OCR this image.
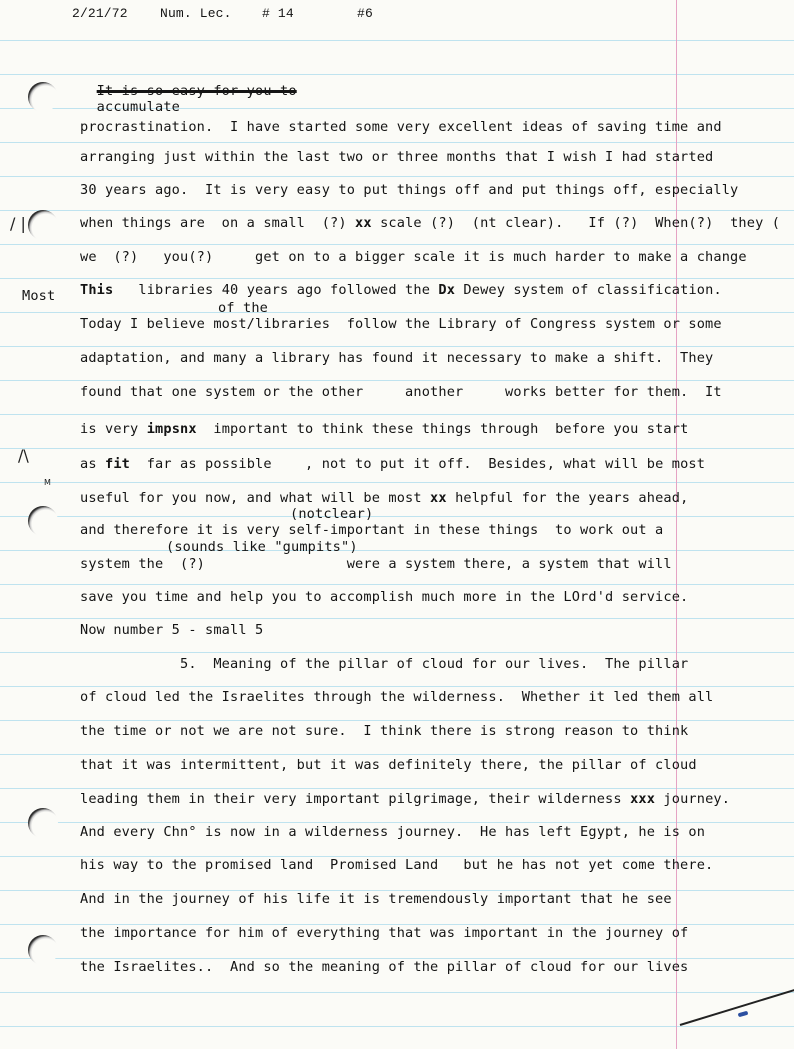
2/21/72 Num. Lec. # 14	#6

It is so easy for you to
accumulate

Most
/ |
/\
M
procrastination.  I have started some very excellent ideas of saving time and
arranging just within the last two or three months that I wish I had started
30 years ago.  It is very easy to put things off and put things off, especially
when things are  on a small  (?) xx scale (?)  (nt clear).   If (?)  When(?)  they (
we  (?)   you(?)     get on to a bigger scale it is much harder to make a change
This libraries 40 years ago followed the Dx Dewey system of classification.
of the
Today I believe most/libraries  follow the Library of Congress system or some
adaptation, and many a library has found it necessary to make a shift.  They
found that one system or the other     another     works better for them.  It
is very impsnx important to think these things through  before you start
as fit far as possible    , not to put it off.  Besides, what will be most
useful for you now, and what will be most xx helpful for the years ahead,
(notclear)
and therefore it is very self-important in these things  to work out a
(sounds like "gumpits")
system the  (?)                 were a system there, a system that will
save you time and help you to accomplish much more in the LOrd'd service.
Now number 5 - small 5
5.  Meaning of the pillar of cloud for our lives.  The pillar
of cloud led the Israelites through the wilderness.  Whether it led them all
the time or not we are not sure.  I think there is strong reason to think
that it was intermittent, but it was definitely there, the pillar of cloud
leading them in their very important pilgrimage, their wilderness xxx journey.
And every Chn° is now in a wilderness journey.  He has left Egypt, he is on
his way to the promised land  Promised Land   but he has not yet come there.
And in the journey of his life it is tremendously important that he see
the importance for him of everything that was important in the journey of
the Israelites..  And so the meaning of the pillar of cloud for our lives
